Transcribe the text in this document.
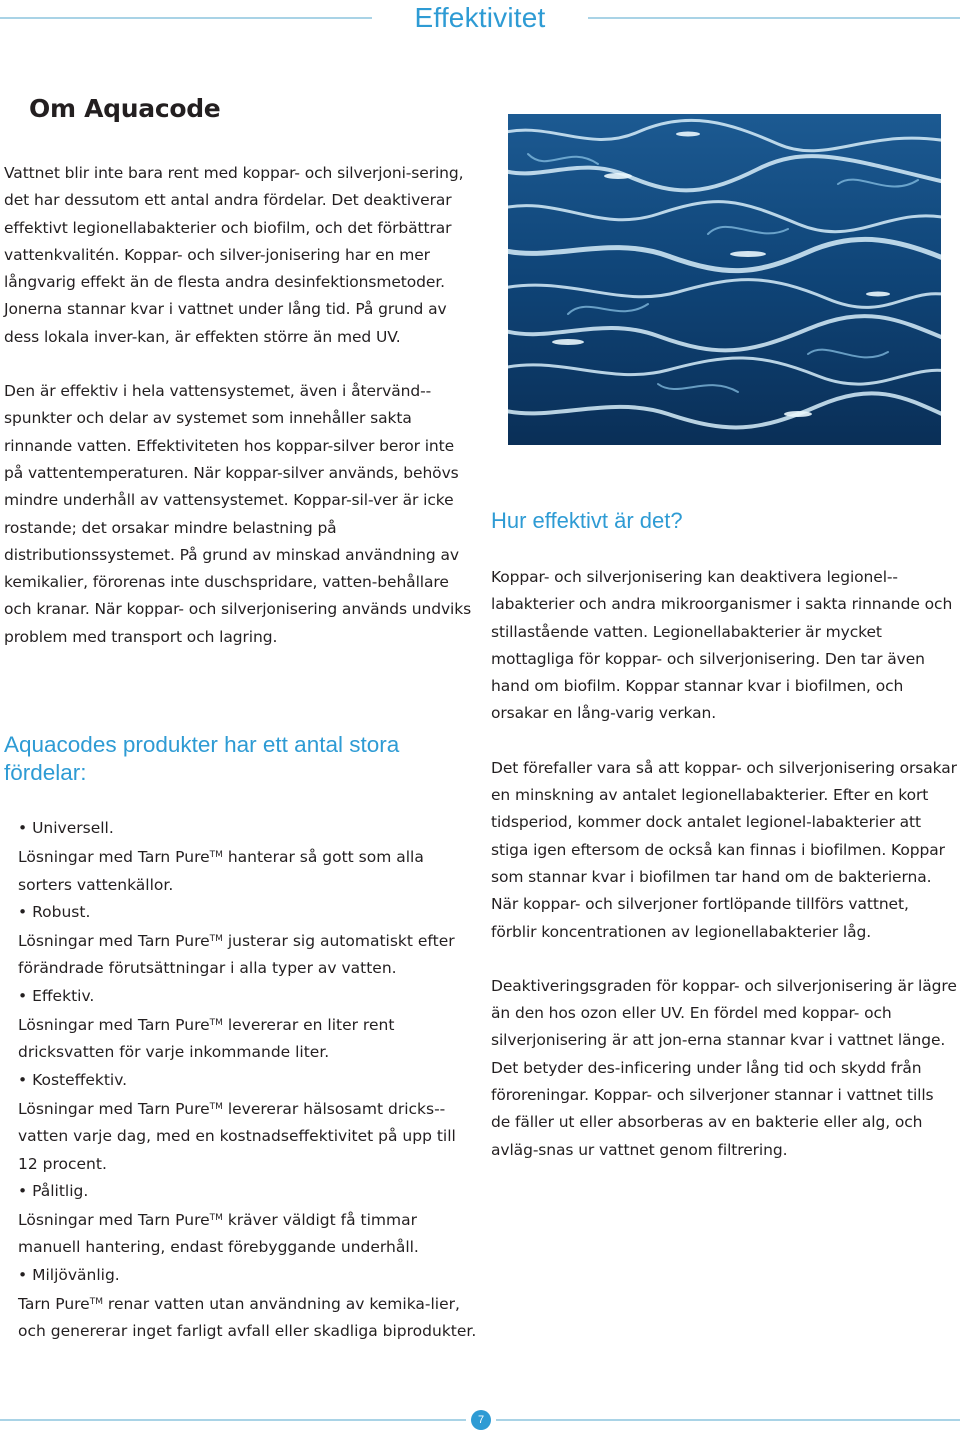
Effektivitet
Om Aquacode

Vattnet blir inte bara rent med koppar- och silverjoni-sering, det har dessutom ett antal andra fördelar. Det deaktiverar effektivt legionellabakterier och biofilm, och det förbättrar vattenkvalitén. Koppar- och silver-jonisering har en mer långvarig effekt än de flesta andra desinfektionsmetoder. Jonerna stannar kvar i vattnet under lång tid. På grund av dess lokala inver-kan, är effekten större än med UV.

Den är effektiv i hela vattensystemet, även i återvänd-spunkter och delar av systemet som innehåller sakta rinnande vatten. Effektiviteten hos koppar-silver beror inte på vattentemperaturen. När koppar-silver används, behövs mindre underhåll av vattensystemet. Koppar-sil-ver är icke rostande; det orsakar mindre belastning på distributionssystemet. På grund av minskad användning av kemikalier, förorenas inte duschspridare, vatten-behållare och kranar. När koppar- och silverjonisering används undviks problem med transport och lagring.

Aquacodes produkter har ett antal stora fördelar:
• Universell.
Lösningar med Tarn Pure™ hanterar så gott som alla sorters vattenkällor.
• Robust.
Lösningar med Tarn Pure™ justerar sig automatiskt efter förändrade förutsättningar i alla typer av vatten.
• Effektiv.
Lösningar med Tarn Pure™ levererar en liter rent dricksvatten för varje inkommande liter.
• Kosteffektiv.
Lösningar med Tarn Pure™ levererar hälsosamt dricks-vatten varje dag, med en kostnadseffektivitet på upp till 12 procent.
• Pålitlig.
Lösningar med Tarn Pure™ kräver väldigt få timmar manuell hantering, endast förebyggande underhåll.
• Miljövänlig.
Tarn Pure™ renar vatten utan användning av kemika-lier, och genererar inget farligt avfall eller skadliga biprodukter.
Hur effektivt är det?

Koppar- och silverjonisering kan deaktivera legionel-labakterier och andra mikroorganismer i sakta rinnande och stillastående vatten. Legionellabakterier är mycket mottagliga för koppar- och silverjonisering. Den tar även hand om biofilm. Koppar stannar kvar i biofilmen, och orsakar en lång-varig verkan.

Det förefaller vara så att koppar- och silverjonisering orsakar en minskning av antalet legionellabakterier. Efter en kort tidsperiod, kommer dock antalet legionel-labakterier att stiga igen eftersom de också kan finnas i biofilmen. Koppar som stannar kvar i biofilmen tar hand om de bakterierna. När koppar- och silverjoner fortlöpande tillförs vattnet, förblir koncentrationen av legionellabakterier låg.

Deaktiveringsgraden för koppar- och silverjonisering är lägre än den hos ozon eller UV. En fördel med koppar- och silverjonisering är att jon-erna stannar kvar i vattnet länge. Det betyder des-inficering under lång tid och skydd från föroreningar. Koppar- och silverjoner stannar i vattnet tills de fäller ut eller absorberas av en bakterie eller alg, och avläg-snas ur vattnet genom filtrering.

7
